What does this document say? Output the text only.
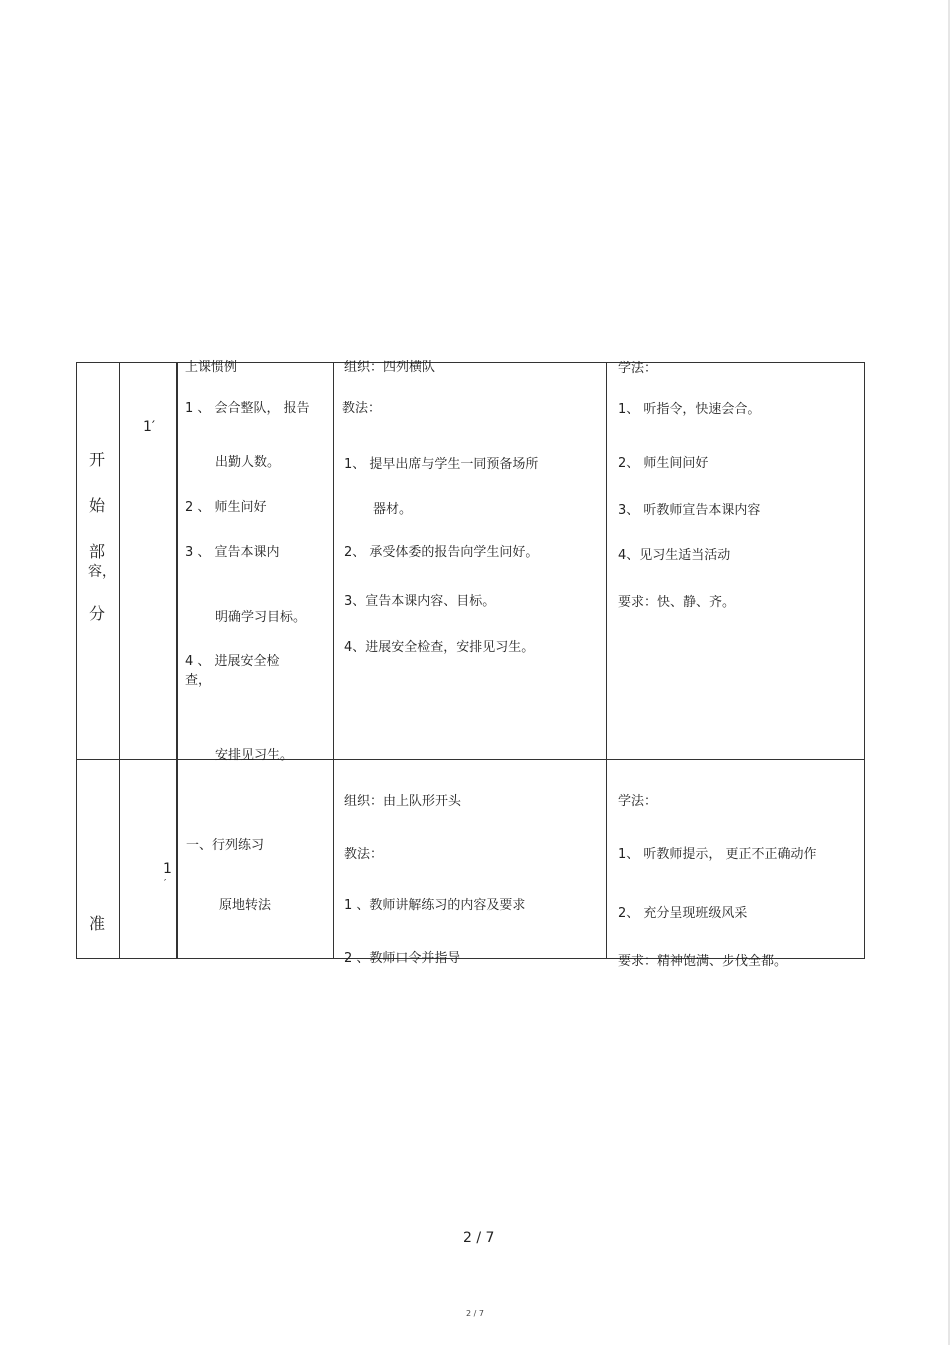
开
始
部
容，
分
1′
上课惯例
1 、 会合整队， 报告
出勤人数。
2 、 师生问好
3 、 宣告本课内
明确学习目标。
4 、 进展安全检
查，
安排见习生。
组织：四列横队
教法：
1、 提早出席与学生一同预备场所
器材。
2、 承受体委的报告向学生问好。
3、宣告本课内容、目标。
4、进展安全检查，安排见习生。
学法：
1、 听指令，快速会合。
2、 师生间问好
3、 听教师宣告本课内容
4、见习生适当活动
要求：快、静、齐。
准
1
′
一、行列练习
原地转法
组织：由上队形开头
教法：
1 、教师讲解练习的内容及要求
2 、教师口令并指导
学法：
1、 听教师提示， 更正不正确动作
2、 充分呈现班级风采
要求：精神饱满、步伐全都。
2 / 7
2 / 7
